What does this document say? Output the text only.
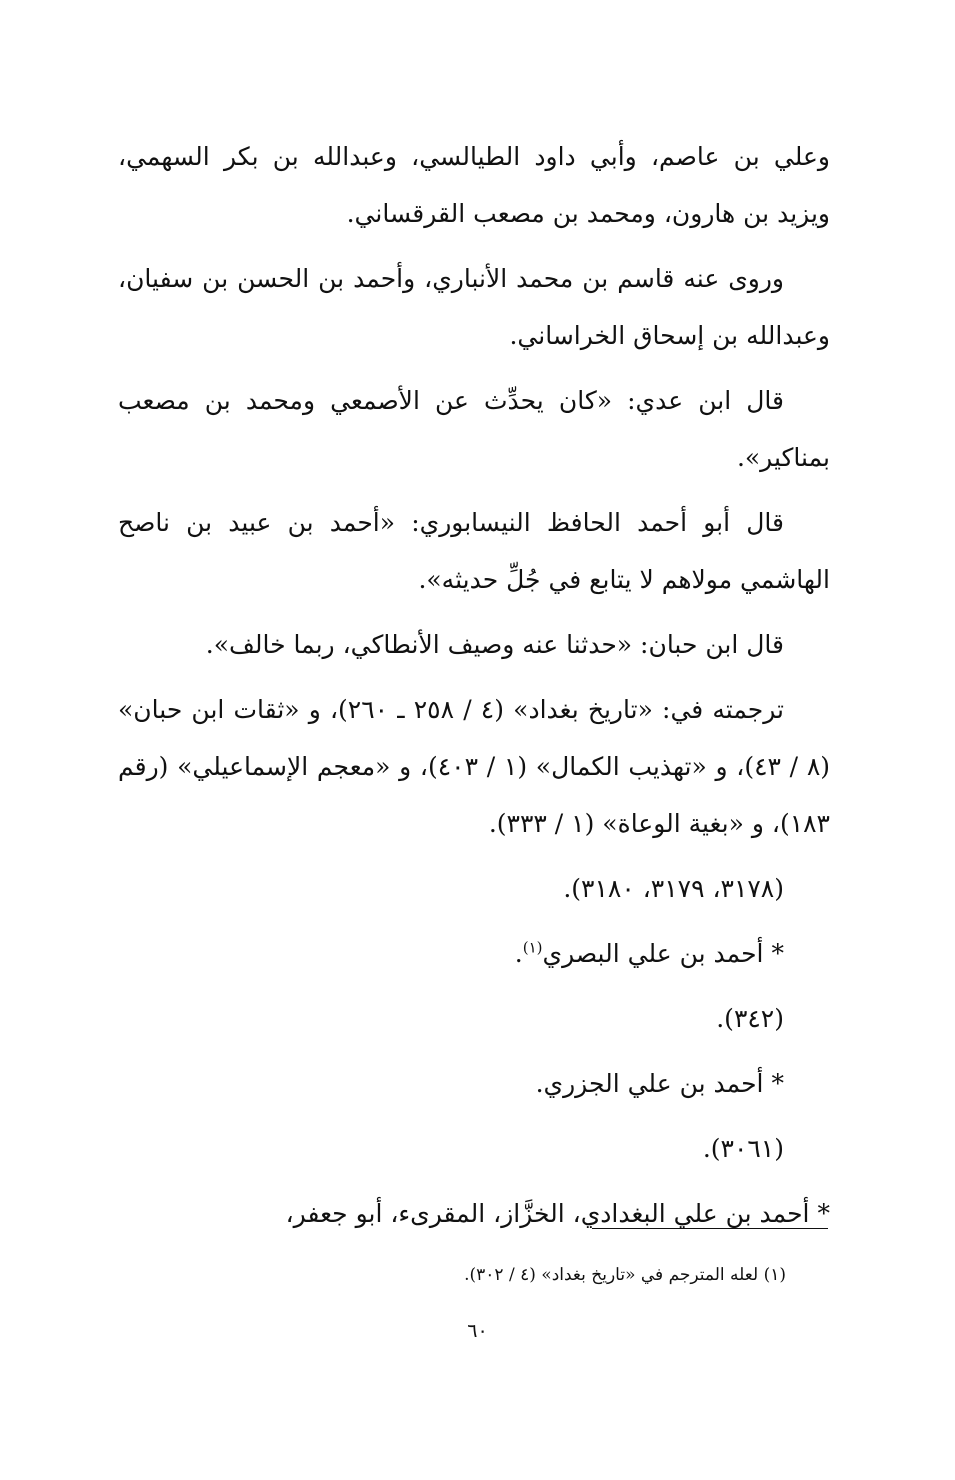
وعلي بن عاصم، وأبي داود الطيالسي، وعبدالله بن بكر السهمي، ويزيد بن هارون، ومحمد بن مصعب القرقساني.

وروى عنه قاسم بن محمد الأنباري، وأحمد بن الحسن بن سفيان، وعبدالله بن إسحاق الخراساني.

قال ابن عدي: «كان يحدِّث عن الأصمعي ومحمد بن مصعب بمناكير».

قال أبو أحمد الحافظ النيسابوري: «أحمد بن عبيد بن ناصح الهاشمي مولاهم لا يتابع في جُلِّ حديثه».

قال ابن حبان: «حدثنا عنه وصيف الأنطاكي، ربما خالف».

ترجمته في: «تاريخ بغداد» (٤ / ٢٥٨ ـ ٢٦٠)، و «ثقات ابن حبان» (٨ / ٤٣)، و «تهذيب الكمال» (١ / ٤٠٣)، و «معجم الإسماعيلي» (رقم ١٨٣)، و «بغية الوعاة» (١ / ٣٣٣).

(٣١٧٨، ٣١٧٩، ٣١٨٠).

*أحمد بن علي البصري$^{(١)}$.

(٣٤٢).

*أحمد بن علي الجزري.

(٣٠٦١).

*أحمد بن علي البغدادي، الخزَّاز، المقرىء، أبو جعفر،

(١) لعله المترجم في «تاريخ بغداد» (٤ / ٣٠٢).
٦٠
